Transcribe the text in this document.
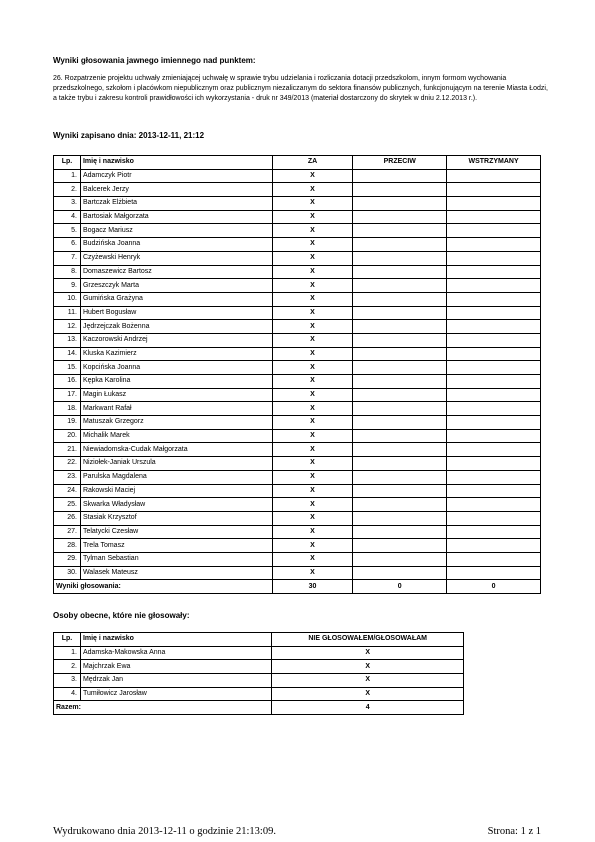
Wyniki głosowania jawnego imiennego nad punktem:
26. Rozpatrzenie projektu uchwały zmieniającej uchwałę w sprawie trybu udzielania i rozliczania dotacji przedszkolom, innym formom wychowania przedszkolnego, szkołom i placówkom niepublicznym oraz publicznym niezaliczanym do sektora finansów publicznych, funkcjonującym na terenie Miasta Łodzi, a także trybu i zakresu kontroli prawidłowości ich wykorzystania - druk nr 349/2013 (materiał dostarczony do skrytek w dniu 2.12.2013 r.).
Wyniki zapisano dnia: 2013-12-11, 21:12
Lp.	Imię i nazwisko	ZA	PRZECIW	WSTRZYMANY
1.	Adamczyk Piotr	X		
2.	Balcerek Jerzy	X		
3.	Bartczak Elżbieta	X		
4.	Bartosiak Małgorzata	X		
5.	Bogacz Mariusz	X		
6.	Budzińska Joanna	X		
7.	Czyżewski Henryk	X		
8.	Domaszewicz Bartosz	X		
9.	Grzeszczyk Marta	X		
10.	Gumińska Grażyna	X		
11.	Hubert Bogusław	X		
12.	Jędrzejczak Bożenna	X		
13.	Kaczorowski Andrzej	X		
14.	Kluska Kazimierz	X		
15.	Kopcińska Joanna	X		
16.	Kępka Karolina	X		
17.	Magin Łukasz	X		
18.	Markwant Rafał	X		
19.	Matuszak Grzegorz	X		
20.	Michalik Marek	X		
21.	Niewiadomska-Cudak Małgorzata	X		
22.	Niziołek-Janiak Urszula	X		
23.	Parulska Magdalena	X		
24.	Rakowski Maciej	X		
25.	Skwarka Władysław	X		
26.	Stasiak Krzysztof	X		
27.	Telatycki Czesław	X		
28.	Trela Tomasz	X		
29.	Tylman Sebastian	X		
30.	Walasek Mateusz	X		
Wyniki głosowania:		30	0	0
Osoby obecne, które nie głosowały:
Lp.	Imię i nazwisko	NIE GŁOSOWAŁEM/GŁOSOWAŁAM
1.	Adamska-Makowska Anna	X
2.	Majchrzak Ewa	X
3.	Mędrzak Jan	X
4.	Tumiłowicz Jarosław	X
Razem:		4
Wydrukowano dnia 2013-12-11 o godzinie 21:13:09.	Strona: 1 z 1
